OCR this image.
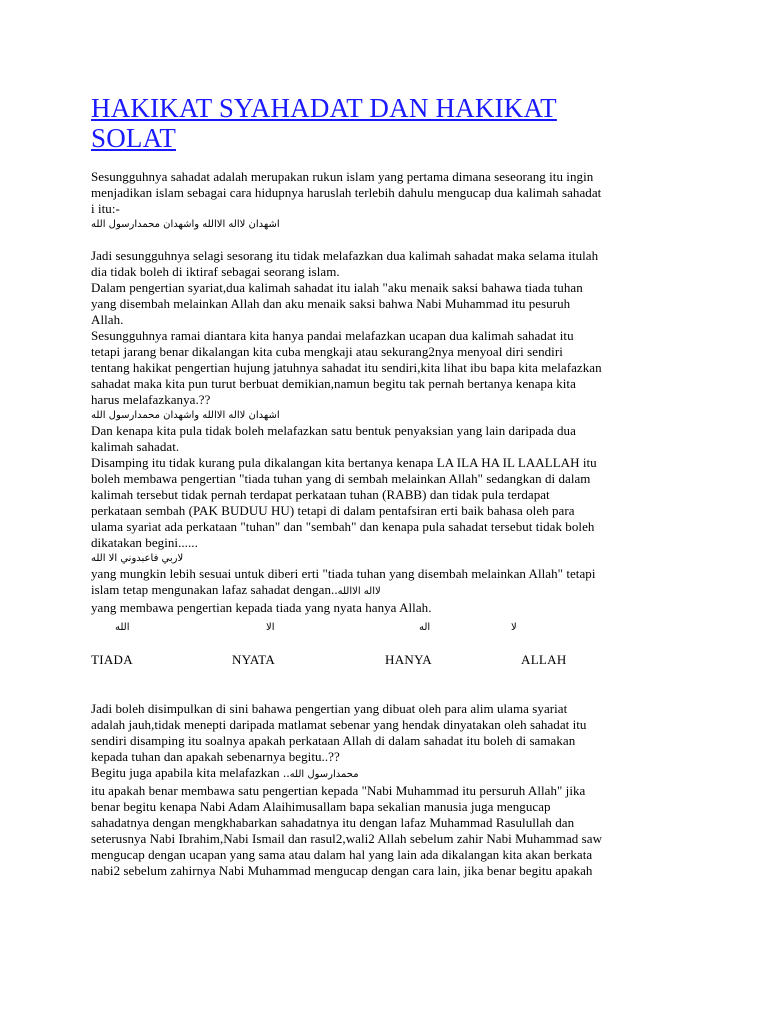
HAKIKAT SYAHADAT DAN HAKIKAT
SOLAT

Sesungguhnya sahadat adalah merupakan rukun islam yang pertama dimana seseorang itu ingin

menjadikan islam sebagai cara hidupnya haruslah terlebih dahulu mengucap dua kalimah sahadat

i itu:-

اشهدان لااله الاالله واشهدان محمدارسول الله

Jadi sesungguhnya selagi sesorang itu tidak melafazkan dua kalimah sahadat maka selama itulah

dia tidak boleh di iktiraf sebagai seorang islam.

Dalam pengertian syariat,dua kalimah sahadat itu ialah "aku menaik saksi bahawa tiada tuhan

yang disembah melainkan Allah dan aku menaik saksi bahwa Nabi Muhammad itu pesuruh

Allah.

Sesungguhnya ramai diantara kita hanya pandai melafazkan ucapan dua kalimah sahadat itu

tetapi jarang benar dikalangan kita cuba mengkaji atau sekurang2nya menyoal diri sendiri

tentang hakikat pengertian hujung jatuhnya sahadat itu sendiri,kita lihat ibu bapa kita melafazkan

sahadat maka kita pun turut berbuat demikian,namun begitu tak pernah bertanya kenapa kita

harus melafazkanya.??

اشهدان لااله الاالله واشهدان محمدارسول الله

Dan kenapa kita pula tidak boleh melafazkan satu bentuk penyaksian yang lain daripada dua

kalimah sahadat.

Disamping itu tidak kurang pula dikalangan kita bertanya kenapa LA ILA HA IL LAALLAH itu

boleh membawa pengertian "tiada tuhan yang di sembah melainkan Allah" sedangkan di dalam

kalimah tersebut tidak pernah terdapat perkataan tuhan (RABB) dan tidak pula terdapat

perkataan sembah (PAK BUDUU HU) tetapi di dalam pentafsiran erti baik bahasa oleh para

ulama syariat ada perkataan "tuhan" dan "sembah" dan kenapa pula sahadat tersebut tidak boleh

dikatakan begini......

لاربي فاعبدوني الا الله

yang mungkin lebih sesuai untuk diberi erti "tiada tuhan yang disembah melainkan Allah" tetapi

islam tetap mengunakan lafaz sahadat dengan..لااله الاالله

yang membawa pengertian kepada tiada yang nyata hanya Allah.

الله	الا	اله	لا
TIADA	NYATA	HANYA	ALLAH

Jadi boleh disimpulkan di sini bahawa pengertian yang dibuat oleh para alim ulama syariat

adalah jauh,tidak menepti daripada matlamat sebenar yang hendak dinyatakan oleh sahadat itu

sendiri disamping itu soalnya apakah perkataan Allah di dalam sahadat itu boleh di samakan

kepada tuhan dan apakah sebenarnya begitu..??

Begitu juga apabila kita melafazkan ..محمدارسول الله

itu apakah benar membawa satu pengertian kepada "Nabi Muhammad itu persuruh Allah" jika

benar begitu kenapa Nabi Adam Alaihimusallam bapa sekalian manusia juga mengucap

sahadatnya dengan mengkhabarkan sahadatnya itu dengan lafaz Muhammad Rasulullah dan

seterusnya Nabi Ibrahim,Nabi Ismail dan rasul2,wali2 Allah sebelum zahir Nabi Muhammad saw

mengucap dengan ucapan yang sama atau dalam hal yang lain ada dikalangan kita akan berkata

nabi2 sebelum zahirnya Nabi Muhammad mengucap dengan cara lain, jika benar begitu apakah
